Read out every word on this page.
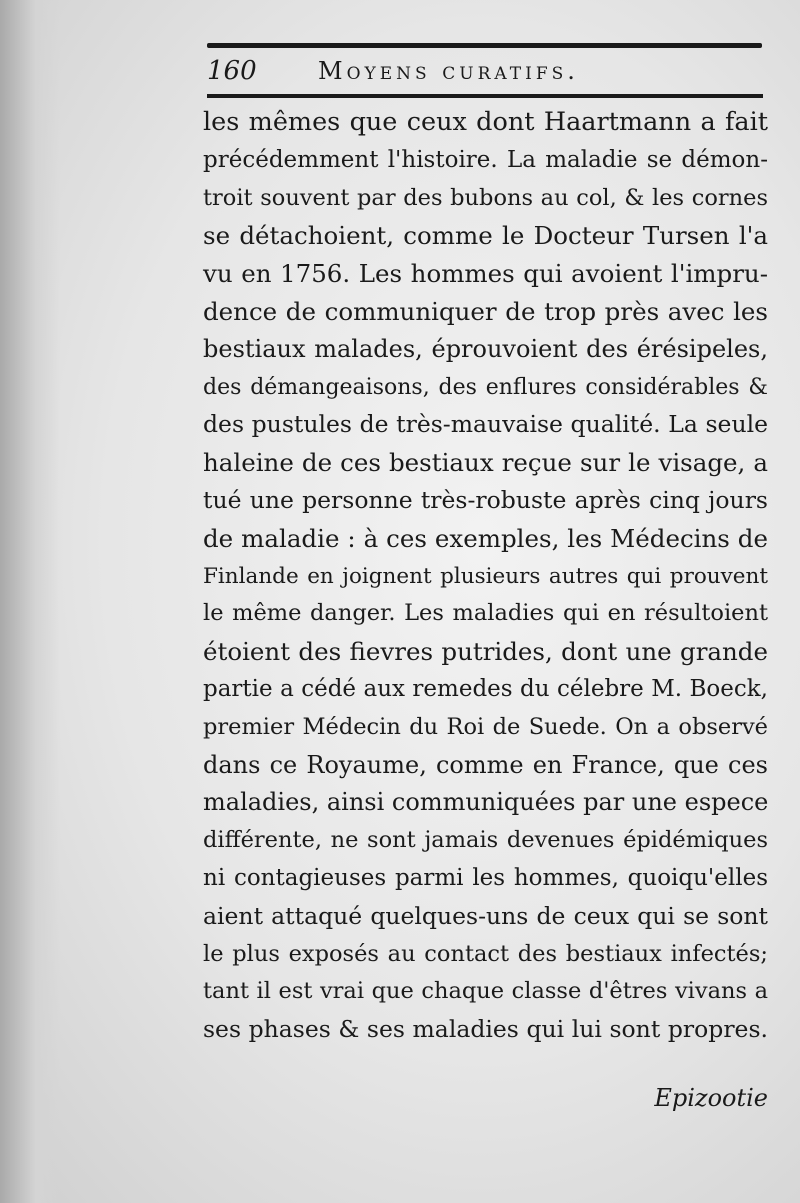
160	Moyens curatifs.
les mêmes que ceux dont Haartmann a fait
précédemment l'histoire. La maladie se démon-
troit souvent par des bubons au col, & les cornes
se détachoient, comme le Docteur Tursen l'a
vu en 1756. Les hommes qui avoient l'impru-
dence de communiquer de trop près avec les
bestiaux malades, éprouvoient des érésipeles,
des démangeaisons, des enflures considérables &
des pustules de très-mauvaise qualité. La seule
haleine de ces bestiaux reçue sur le visage, a
tué une personne très-robuste après cinq jours
de maladie : à ces exemples, les Médecins de
Finlande en joignent plusieurs autres qui prouvent
le même danger. Les maladies qui en résultoient
étoient des fievres putrides, dont une grande
partie a cédé aux remedes du célebre M. Boeck,
premier Médecin du Roi de Suede. On a observé
dans ce Royaume, comme en France, que ces
maladies, ainsi communiquées par une espece
différente, ne sont jamais devenues épidémiques
ni contagieuses parmi les hommes, quoiqu'elles
aient attaqué quelques-uns de ceux qui se sont
le plus exposés au contact des bestiaux infectés;
tant il est vrai que chaque classe d'êtres vivans a
ses phases & ses maladies qui lui sont propres.
Epizootie
